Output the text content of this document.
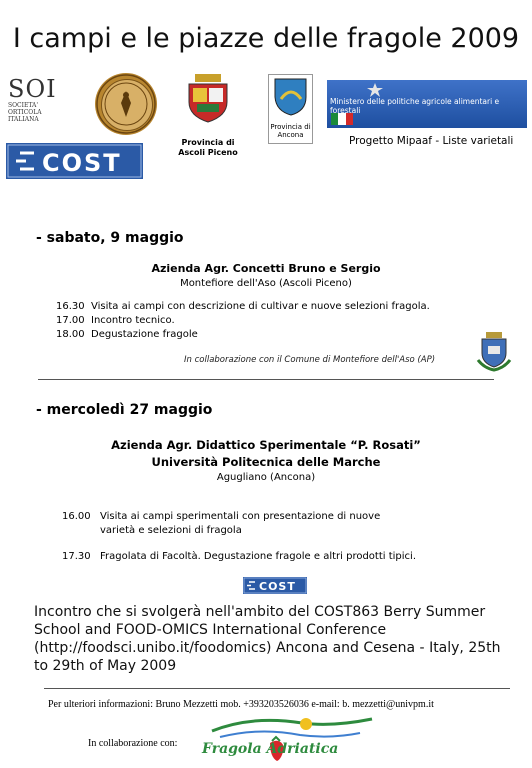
I campi e le piazze delle fragole 2009
SOI
SOCIETA'
ORTICOLA
ITALIANA
COST
Provincia di Ascoli Piceno
Provincia di Ancona
Ministero delle politiche agricole alimentari e forestali
Progetto Mipaaf - Liste varietali
- sabato, 9 maggio
Azienda Agr. Concetti Bruno e Sergio
Montefiore dell'Aso (Ascoli Piceno)
16.30 Visita ai campi con descrizione di cultivar e nuove selezioni fragola.
17.00 Incontro tecnico.
18.00 Degustazione fragole
In collaborazione con il Comune di Montefiore dell'Aso (AP)
- mercoledì 27 maggio
Azienda Agr. Didattico Sperimentale “P. Rosati”
Università Politecnica delle Marche
Agugliano (Ancona)
16.00 Visita ai campi sperimentali con presentazione di nuove varietà e selezioni di fragola
17.30 Fragolata di Facoltà. Degustazione fragole e altri prodotti tipici.
COST
Incontro che si svolgerà nell'ambito del COST863 Berry Summer School and FOOD-OMICS International Conference (http://foodsci.unibo.it/foodomics) Ancona and Cesena - Italy, 25th to 29th of May 2009
Per ulteriori informazioni: Bruno Mezzetti mob. +393203526036 e-mail: b. mezzetti@univpm.it
In collaborazione con: Fragola Adriatica
